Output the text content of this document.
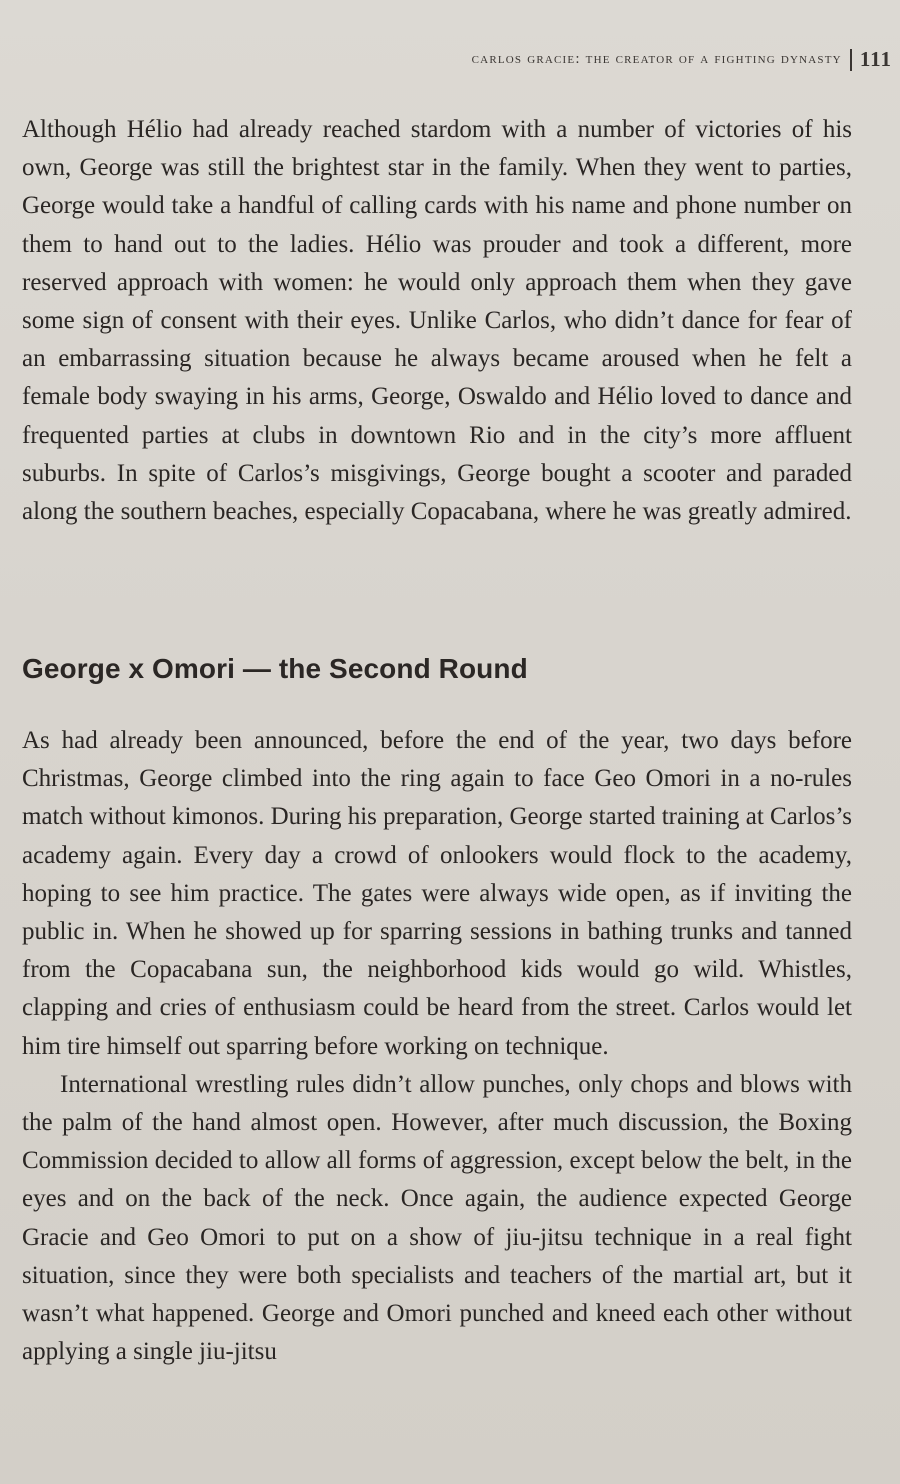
carlos gracie: the creator of a fighting dynasty 111

Although Hélio had already reached stardom with a number of victories of his own, George was still the brightest star in the family. When they went to parties, George would take a handful of calling cards with his name and phone number on them to hand out to the ladies. Hélio was prouder and took a different, more reserved approach with women: he would only approach them when they gave some sign of consent with their eyes. Unlike Carlos, who didn’t dance for fear of an embarrassing situation because he always became aroused when he felt a female body swaying in his arms, George, Oswaldo and Hélio loved to dance and frequented parties at clubs in downtown Rio and in the city’s more affluent suburbs. In spite of Carlos’s misgivings, George bought a scooter and paraded along the southern beaches, especially Copacabana, where he was greatly admired.

George x Omori — the Second Round

As had already been announced, before the end of the year, two days before Christmas, George climbed into the ring again to face Geo Omori in a no-rules match without kimonos. During his preparation, George started training at Carlos’s academy again. Every day a crowd of onlookers would flock to the academy, hoping to see him practice. The gates were always wide open, as if inviting the public in. When he showed up for sparring sessions in bathing trunks and tanned from the Copacabana sun, the neighborhood kids would go wild. Whistles, clapping and cries of enthusiasm could be heard from the street. Carlos would let him tire himself out sparring before working on technique.

International wrestling rules didn’t allow punches, only chops and blows with the palm of the hand almost open. However, after much discussion, the Boxing Commission decided to allow all forms of aggression, except below the belt, in the eyes and on the back of the neck. Once again, the audience expected George Gracie and Geo Omori to put on a show of jiu-jitsu technique in a real fight situation, since they were both specialists and teachers of the martial art, but it wasn’t what happened. George and Omori punched and kneed each other without applying a single jiu-jitsu
